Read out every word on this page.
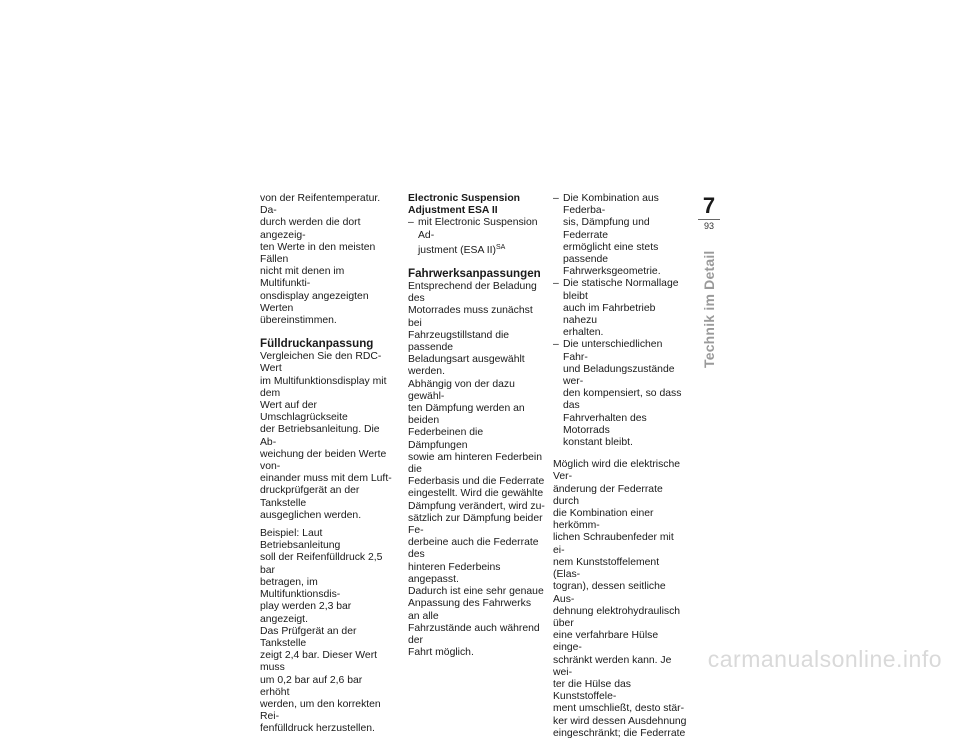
von der Reifentemperatur. Da-

durch werden die dort angezeig-

ten Werte in den meisten Fällen

nicht mit denen im Multifunkti-

onsdisplay angezeigten Werten

übereinstimmen.

Fülldruckanpassung

Vergleichen Sie den RDC-Wert

im Multifunktionsdisplay mit dem

Wert auf der Umschlagrückseite

der Betriebsanleitung. Die Ab-

weichung der beiden Werte von-

einander muss mit dem Luft-

druckprüfgerät an der Tankstelle

ausgeglichen werden.

Beispiel: Laut Betriebsanleitung

soll der Reifenfülldruck 2,5 bar

betragen, im Multifunktionsdis-

play werden 2,3 bar angezeigt.

Das Prüfgerät an der Tankstelle

zeigt 2,4 bar. Dieser Wert muss

um 0,2 bar auf 2,6 bar erhöht

werden, um den korrekten Rei-

fenfülldruck herzustellen.

Electronic Suspension

Adjustment ESA II

– mit Electronic Suspension Ad-
justment (ESA II)$^{SA}$
Fahrwerksanpassungen

Entsprechend der Beladung des

Motorrades muss zunächst bei

Fahrzeugstillstand die passende

Beladungsart ausgewählt werden.

Abhängig von der dazu gewähl-

ten Dämpfung werden an beiden

Federbeinen die Dämpfungen

sowie am hinteren Federbein die

Federbasis und die Federrate

eingestellt. Wird die gewählte

Dämpfung verändert, wird zu-

sätzlich zur Dämpfung beider Fe-

derbeine auch die Federrate des

hinteren Federbeins angepasst.

Dadurch ist eine sehr genaue

Anpassung des Fahrwerks an alle

Fahrzustände auch während der

Fahrt möglich.

– Die Kombination aus Federba-

sis, Dämpfung und Federrate

ermöglicht eine stets passende

Fahrwerksgeometrie.

– Die statische Normallage bleibt

auch im Fahrbetrieb nahezu

erhalten.

– Die unterschiedlichen Fahr-

und Beladungszustände wer-

den kompensiert, so dass das

Fahrverhalten des Motorrads

konstant bleibt.

Möglich wird die elektrische Ver-

änderung der Federrate durch

die Kombination einer herkömm-

lichen Schraubenfeder mit ei-

nem Kunststoffelement (Elas-

togran), dessen seitliche Aus-

dehnung elektrohydraulisch über

eine verfahrbare Hülse einge-

schränkt werden kann. Je wei-

ter die Hülse das Kunststoffele-

ment umschließt, desto stär-

ker wird dessen Ausdehnung

eingeschränkt; die Federrate

7
93
Technik im Detail
carmanualsonline.info
